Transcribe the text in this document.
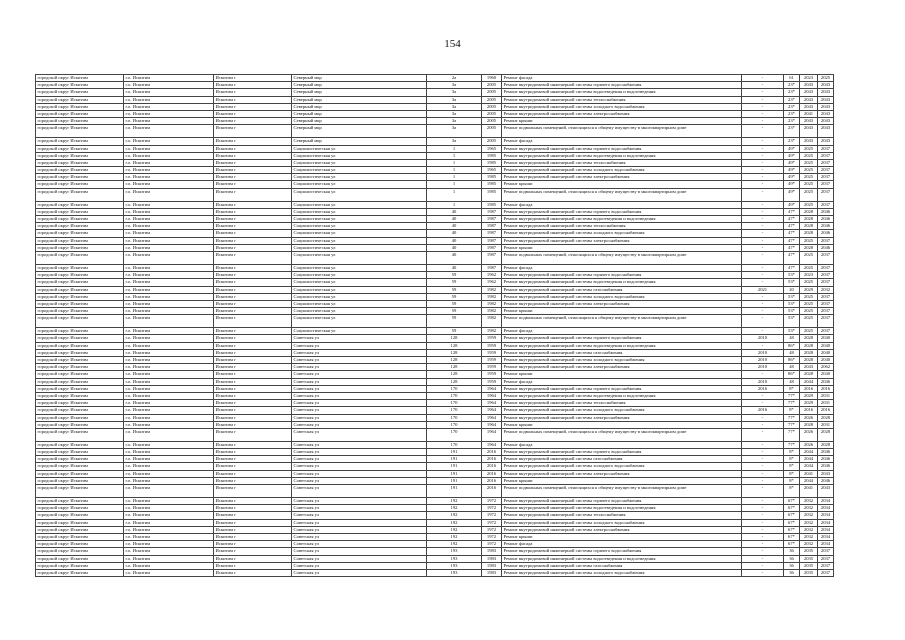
154
городской округ Искитим	г.о. Искитим	Искитим г	Северный мкр	2а	1960	Ремонт фасада	-	61	2023	2025
городской округ Искитим	г.о. Искитим	Искитим г	Северный мкр	3а	2005	Ремонт внутридомовой инженерной системы горячего водоснабжения	-	23*	2043	2043
городской округ Искитим	г.о. Искитим	Искитим г	Северный мкр	3а	2005	Ремонт внутридомовой инженерной системы водоотведения и водоотведения	-	23*	2043	2043
городской округ Искитим	г.о. Искитим	Искитим г	Северный мкр	3а	2005	Ремонт внутридомовой инженерной системы теплоснабжения	-	23*	2043	2043
городской округ Искитим	г.о. Искитим	Искитим г	Северный мкр	3а	2005	Ремонт внутридомовой инженерной системы холодного водоснабжения	-	23*	2043	2043
городской округ Искитим	г.о. Искитим	Искитим г	Северный мкр	3а	2005	Ремонт внутридомовой инженерной системы электроснабжения	-	23*	2041	2043
городской округ Искитим	г.о. Искитим	Искитим г	Северный мкр	3а	2005	Ремонт крыши	-	23*	2043	2043
городской округ Искитим	г.о. Искитим	Искитим г	Северный мкр	3а	2005	Ремонт подвальных помещений, относящихся к общему имуществу в многоквартирном доме	-	23*	2043	2043
городской округ Искитим	г.о. Искитим	Искитим г	Северный мкр	3а	2005	Ремонт фасада	-	23*	2043	2043
городской округ Искитим	г.о. Искитим	Искитим г	Социалистическая ул	1	1965	Ремонт внутридомовой инженерной системы горячего водоснабжения	-	49*	2025	2037
городской округ Искитим	г.о. Искитим	Искитим г	Социалистическая ул	1	1985	Ремонт внутридомовой инженерной системы водоотведения и водоотведения	-	49*	2025	2037
городской округ Искитим	г.о. Искитим	Искитим г	Социалистическая ул	1	1985	Ремонт внутридомовой инженерной системы теплоснабжения	-	49*	2025	2037
городской округ Искитим	г.о. Искитим	Искитим г	Социалистическая ул	1	1965	Ремонт внутридомовой инженерной системы холодного водоснабжения	-	49*	2025	2037
городской округ Искитим	г.о. Искитим	Искитим г	Социалистическая ул	1	1985	Ремонт внутридомовой инженерной системы электроснабжения	-	49*	2025	2037
городской округ Искитим	г.о. Искитим	Искитим г	Социалистическая ул	1	1985	Ремонт крыши	-	49*	2025	2037
городской округ Искитим	г.о. Искитим	Искитим г	Социалистическая ул	1	1985	Ремонт подвальных помещений, относящихся к общему имуществу в многоквартирном доме	-	49*	2025	2037
городской округ Искитим	г.о. Искитим	Искитим г	Социалистическая ул	1	1985	Ремонт фасада	-	49*	2025	2037
городской округ Искитим	г.о. Искитим	Искитим г	Социалистическая ул	40	1987	Ремонт внутридомовой инженерной системы горячего водоснабжения	-	47*	2028	2046
городской округ Искитим	г.о. Искитим	Искитим г	Социалистическая ул	40	1987	Ремонт внутридомовой инженерной системы водоотведения и водоотведения	-	47*	2028	2046
городской округ Искитим	г.о. Искитим	Искитим г	Социалистическая ул	40	1987	Ремонт внутридомовой инженерной системы теплоснабжения	-	47*	2028	2046
городской округ Искитим	г.о. Искитим	Искитим г	Социалистическая ул	40	1987	Ремонт внутридомовой инженерной системы холодного водоснабжения	-	47*	2028	2046
городской округ Искитим	г.о. Искитим	Искитим г	Социалистическая ул	40	1987	Ремонт внутридомовой инженерной системы электроснабжения	-	47*	2025	2037
городской округ Искитим	г.о. Искитим	Искитим г	Социалистическая ул	40	1987	Ремонт крыши	-	47*	2028	2046
городской округ Искитим	г.о. Искитим	Искитим г	Социалистическая ул	40	1987	Ремонт подвальных помещений, относящихся к общему имуществу в многоквартирном доме	-	47*	2025	2037
городской округ Искитим	г.о. Искитим	Искитим г	Социалистическая ул	40	1987	Ремонт фасада	-	47*	2025	2037
городской округ Искитим	г.о. Искитим	Искитим г	Социалистическая ул	59	1962	Ремонт внутридомовой инженерной системы горячего водоснабжения	-	53*	2023	2037
городской округ Искитим	г.о. Искитим	Искитим г	Социалистическая ул	59	1962	Ремонт внутридомовой инженерной системы водоотведения и водоотведения	-	53*	2025	2037
городской округ Искитим	г.о. Искитим	Искитим г	Социалистическая ул	59	1982	Ремонт внутридомовой инженерной системы газоснабжения	2021	20	2029	2032
городской округ Искитим	г.о. Искитим	Искитим г	Социалистическая ул	59	1982	Ремонт внутридомовой инженерной системы холодного водоснабжения	-	53*	2025	2037
городской округ Искитим	г.о. Искитим	Искитим г	Социалистическая ул	59	1982	Ремонт внутридомовой инженерной системы электроснабжения	-	53*	2025	2037
городской округ Искитим	г.о. Искитим	Искитим г	Социалистическая ул	59	1982	Ремонт крыши	-	53*	2025	2037
городской округ Искитим	г.о. Искитим	Искитим г	Социалистическая ул	59	1982	Ремонт подвальных помещений, относящихся к общему имуществу в многоквартирном доме	-	53*	2025	2037
городской округ Искитим	г.о. Искитим	Искитим г	Социалистическая ул	59	1982	Ремонт фасада	-	53*	2025	2037
городской округ Искитим	г.о. Искитим	Искитим г	Советская ул	128	1959	Ремонт внутридомовой инженерной системы горячего водоснабжения	2010	48	2028	2040
городской округ Искитим	г.о. Искитим	Искитим г	Советская ул	128	1959	Ремонт внутридомовой инженерной системы водоотведения и водоотведения	-	86*	2028	2040
городской округ Искитим	г.о. Искитим	Искитим г	Советская ул	128	1959	Ремонт внутридомовой инженерной системы газоснабжения	2010	48	2028	2040
городской округ Искитим	г.о. Искитим	Искитим г	Советская ул	128	1959	Ремонт внутридомовой инженерной системы холодного водоснабжения	2010	86*	2028	2040
городской округ Искитим	г.о. Искитим	Искитим г	Советская ул	128	1959	Ремонт внутридомовой инженерной системы электроснабжения	2010	48	2043	2062
городской округ Искитим	г.о. Искитим	Искитим г	Советская ул	128	1959	Ремонт крыши	-	86*	2028	2040
городской округ Искитим	г.о. Искитим	Искитим г	Советская ул	128	1959	Ремонт фасада	2010	48	2044	2046
городской округ Искитим	г.о. Искитим	Искитим г	Советская ул	170	1964	Ремонт внутридомовой инженерной системы горячего водоснабжения	2016	8*	2016	2016
городской округ Искитим	г.о. Искитим	Искитим г	Советская ул	170	1964	Ремонт внутридомовой инженерной системы водоотведения и водоотведения	-	77*	2029	2031
городской округ Искитим	г.о. Искитим	Искитим г	Советская ул	170	1964	Ремонт внутридомовой инженерной системы теплоснабжения	-	77*	2029	2031
городской округ Искитим	г.о. Искитим	Искитим г	Советская ул	170	1964	Ремонт внутридомовой инженерной системы холодного водоснабжения	2016	8*	2016	2016
городской округ Искитим	г.о. Искитим	Искитим г	Советская ул	170	1964	Ремонт внутридомовой инженерной системы электроснабжения	-	77*	2026	2028
городской округ Искитим	г.о. Искитим	Искитим г	Советская ул	170	1964	Ремонт крыши	-	77*	2028	2031
городской округ Искитим	г.о. Искитим	Искитим г	Советская ул	170	1964	Ремонт подвальных помещений, относящихся к общему имуществу в многоквартирном доме	-	77*	2026	2028
городской округ Искитим	г.о. Искитим	Искитим г	Советская ул	170	1964	Ремонт фасада	-	77*	2026	2028
городской округ Искитим	г.о. Искитим	Искитим г	Советская ул	191	2016	Ремонт внутридомовой инженерной системы горячего водоснабжения	-	8*	2044	2046
городской округ Искитим	г.о. Искитим	Искитим г	Советская ул	191	2016	Ремонт внутридомовой инженерной системы газоснабжения	-	8*	2044	2046
городской округ Искитим	г.о. Искитим	Искитим г	Советская ул	191	2016	Ремонт внутридомовой инженерной системы холодного водоснабжения	-	8*	2044	2046
городской округ Искитим	г.о. Искитим	Искитим г	Советская ул	191	2016	Ремонт внутридомовой инженерной системы электроснабжения	-	8*	2041	2043
городской округ Искитим	г.о. Искитим	Искитим г	Советская ул	191	2016	Ремонт крыши	-	8*	2044	2046
городской округ Искитим	г.о. Искитим	Искитим г	Советская ул	191	2016	Ремонт подвальных помещений, относящихся к общему имуществу в многоквартирном доме	-	8*	2041	2043
городской округ Искитим	г.о. Искитим	Искитим г	Советская ул	192	1972	Ремонт внутридомовой инженерной системы горячего водоснабжения	-	67*	2032	2034
городской округ Искитим	г.о. Искитим	Искитим г	Советская ул	192	1972	Ремонт внутридомовой инженерной системы водоотведения и водоотведения	-	67*	2032	2034
городской округ Искитим	г.о. Искитим	Искитим г	Советская ул	192	1972	Ремонт внутридомовой инженерной системы теплоснабжения	-	67*	2032	2034
городской округ Искитим	г.о. Искитим	Искитим г	Советская ул	192	1972	Ремонт внутридомовой инженерной системы холодного водоснабжения	-	67*	2032	2034
городской округ Искитим	г.о. Искитим	Искитим г	Советская ул	192	1972	Ремонт внутридомовой инженерной системы электроснабжения	-	67*	2032	2034
городской округ Искитим	г.о. Искитим	Искитим г	Советская ул	192	1972	Ремонт крыши	-	67*	2032	2034
городской округ Искитим	г.о. Искитим	Искитим г	Советская ул	192	1972	Ремонт фасада	-	67*	2032	2034
городской округ Искитим	г.о. Искитим	Искитим г	Советская ул	193	1983	Ремонт внутридомовой инженерной системы горячего водоснабжения	-	36	2035	2037
городской округ Искитим	г.о. Искитим	Искитим г	Советская ул	193	1983	Ремонт внутридомовой инженерной системы водоотведения и водоотведения	-	36	2035	2037
городской округ Искитим	г.о. Искитим	Искитим г	Советская ул	193	1983	Ремонт внутридомовой инженерной системы газоснабжения	-	36	2035	2037
городской округ Искитим	г.о. Искитим	Искитим г	Советская ул	193	1983	Ремонт внутридомовой инженерной системы холодного водоснабжения	-	36	2035	2037
